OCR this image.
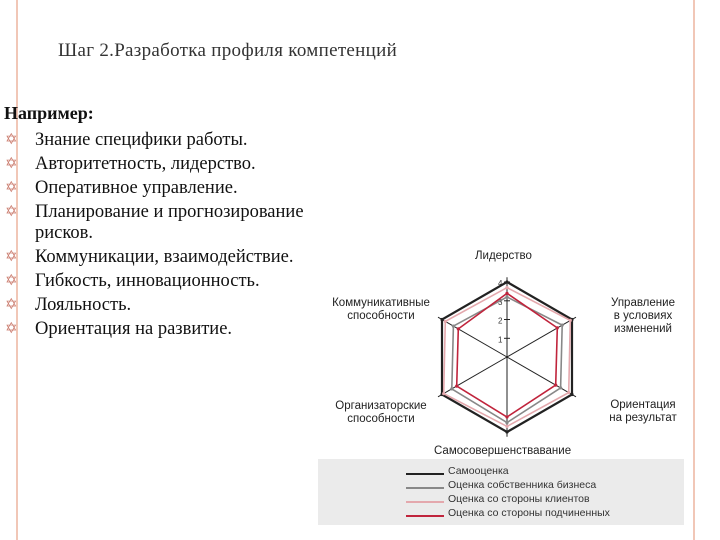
Шаг 2.Разработка профиля компетенций
Например:
✡ Знание специфики работы.
✡ Авторитетность, лидерство.
✡ Оперативное управление.
✡ Планирование и прогнозирование рисков.
✡ Коммуникации, взаимодействие.
✡ Гибкость, инновационность.
✡ Лояльность.
✡ Ориентация на развитие.
1
2
3
4
Лидерство
Управление
в условиях
изменений
Ориентация
на результат
Самосовершенствавание
Организаторские
способности
Коммуникативные
способности
Самооценка
Оценка собственника бизнеса
Оценка со стороны клиентов
Оценка со стороны подчиненных
